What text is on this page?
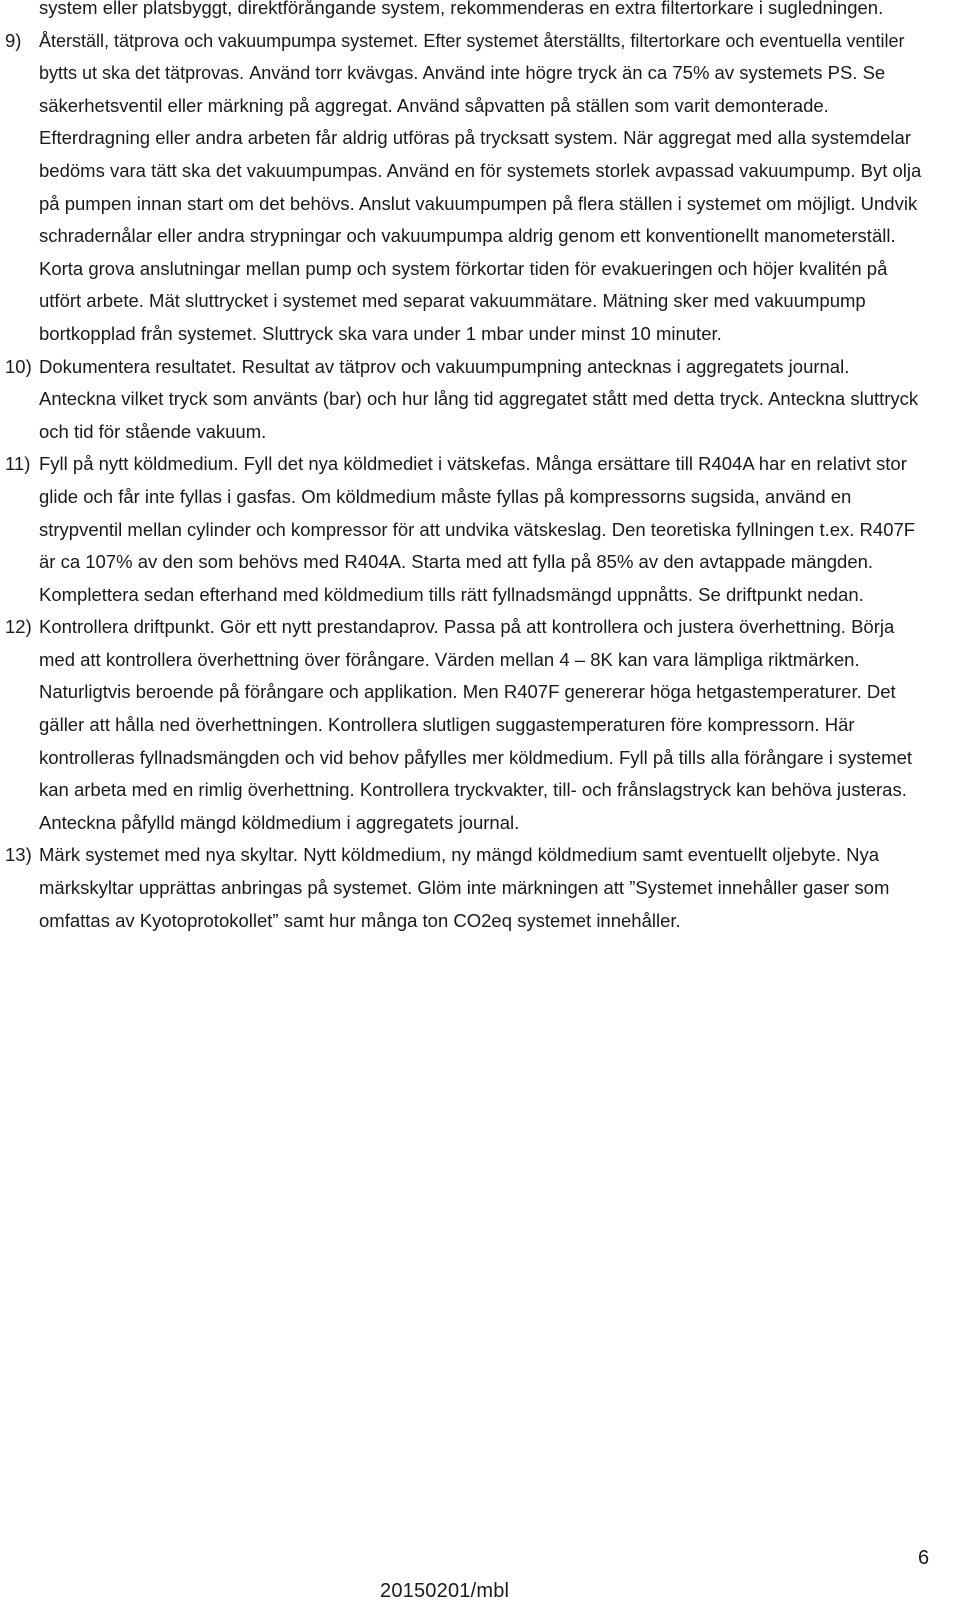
system eller platsbyggt, direktförångande system, rekommenderas en extra filtertorkare i sugledningen.

9) Återställ, tätprova och vakuumpumpa systemet. Efter systemet återställts, filtertorkare och eventuella ventiler bytts ut ska det tätprovas. Använd torr kvävgas. Använd inte högre tryck än ca 75% av systemets PS. Se säkerhetsventil eller märkning på aggregat. Använd såpvatten på ställen som varit demonterade. Efterdragning eller andra arbeten får aldrig utföras på trycksatt system. När aggregat med alla systemdelar bedöms vara tätt ska det vakuumpumpas. Använd en för systemets storlek avpassad vakuumpump. Byt olja på pumpen innan start om det behövs. Anslut vakuumpumpen på flera ställen i systemet om möjligt. Undvik schradernålar eller andra strypningar och vakuumpumpa aldrig genom ett konventionellt manometerställ. Korta grova anslutningar mellan pump och system förkortar tiden för evakueringen och höjer kvalitén på utfört arbete. Mät sluttrycket i systemet med separat vakuummätare. Mätning sker med vakuumpump bortkopplad från systemet. Sluttryck ska vara under 1 mbar under minst 10 minuter.
10) Dokumentera resultatet. Resultat av tätprov och vakuumpumpning antecknas i aggregatets journal. Anteckna vilket tryck som använts (bar) och hur lång tid aggregatet stått med detta tryck. Anteckna sluttryck och tid för stående vakuum.
11) Fyll på nytt köldmedium. Fyll det nya köldmediet i vätskefas. Många ersättare till R404A har en relativt stor glide och får inte fyllas i gasfas. Om köldmedium måste fyllas på kompressorns sugsida, använd en strypventil mellan cylinder och kompressor för att undvika vätskeslag. Den teoretiska fyllningen t.ex. R407F är ca 107% av den som behövs med R404A. Starta med att fylla på 85% av den avtappade mängden. Komplettera sedan efterhand med köldmedium tills rätt fyllnadsmängd uppnåtts. Se driftpunkt nedan.
12) Kontrollera driftpunkt. Gör ett nytt prestandaprov. Passa på att kontrollera och justera överhettning. Börja med att kontrollera överhettning över förångare. Värden mellan 4 – 8K kan vara lämpliga riktmärken. Naturligtvis beroende på förångare och applikation. Men R407F genererar höga hetgastemperaturer. Det gäller att hålla ned överhettningen. Kontrollera slutligen suggastemperaturen före kompressorn. Här kontrolleras fyllnadsmängden och vid behov påfylles mer köldmedium. Fyll på tills alla förångare i systemet kan arbeta med en rimlig överhettning. Kontrollera tryckvakter, till- och frånslagstryck kan behöva justeras. Anteckna påfylld mängd köldmedium i aggregatets journal.
13) Märk systemet med nya skyltar. Nytt köldmedium, ny mängd köldmedium samt eventuellt oljebyte. Nya märkskyltar upprättas anbringas på systemet. Glöm inte märkningen att ”Systemet innehåller gaser som omfattas av Kyotoprotokollet” samt hur många ton CO2eq systemet innehåller.
6
20150201/mbl
